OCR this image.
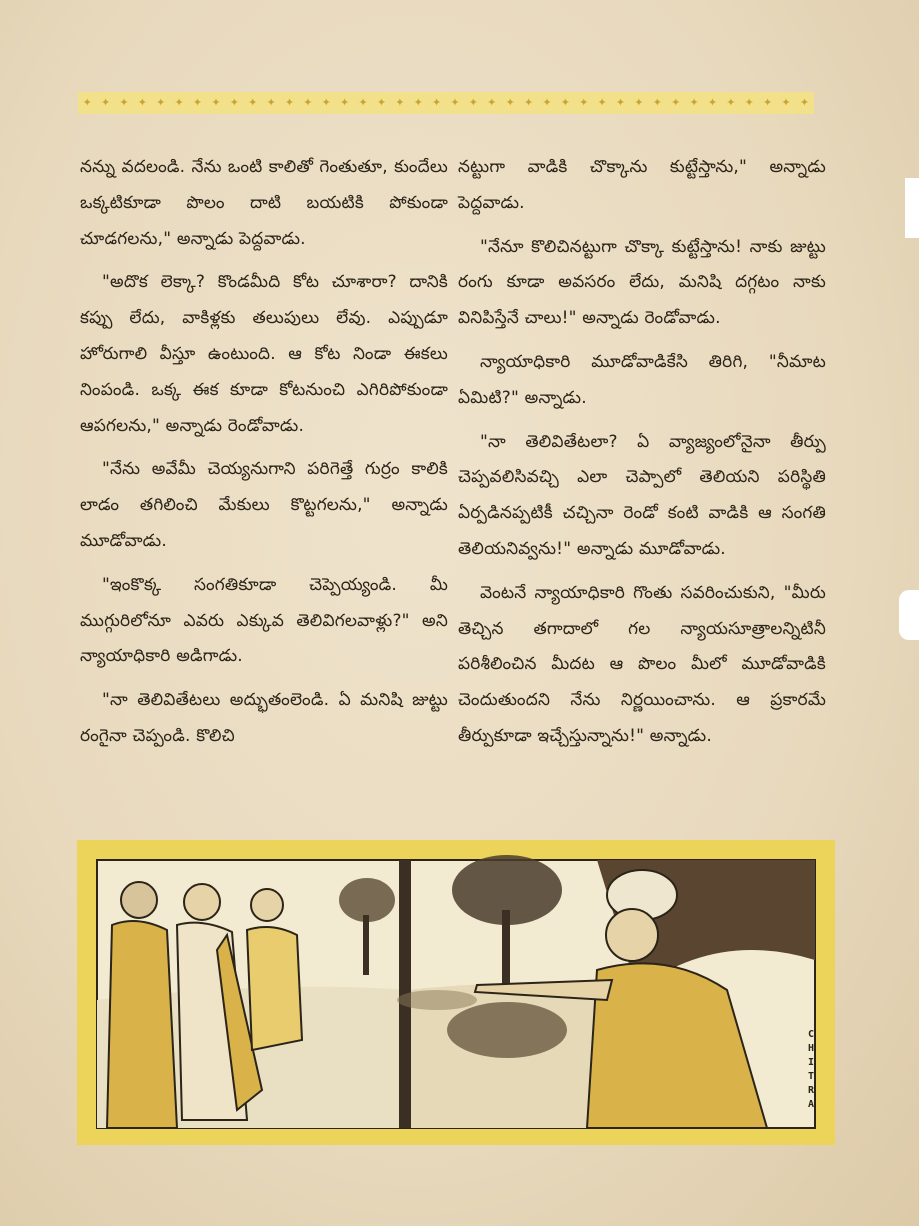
✦ ✦ ✦ ✦ ✦ ✦ ✦ ✦ ✦ ✦ ✦ ✦ ✦ ✦ ✦ ✦ ✦ ✦ ✦ ✦ ✦ ✦ ✦ ✦ ✦ ✦ ✦ ✦ ✦ ✦ ✦ ✦ ✦ ✦ ✦ ✦ ✦ ✦ ✦ ✦

నన్ను వదలండి. నేను ఒంటి కాలితో గెంతుతూ, కుందేలు ఒక్కటికూడా పొలం దాటి బయటికి పోకుండా చూడగలను," అన్నాడు పెద్దవాడు.

"అదొక లెక్కా? కొండమీది కోట చూశారా? దానికి కప్పు లేదు, వాకిళ్లకు తలుపులు లేవు. ఎప్పుడూ హోరుగాలి వీస్తూ ఉంటుంది. ఆ కోట నిండా ఈకలు నింపండి. ఒక్క ఈక కూడా కోటనుంచి ఎగిరిపోకుండా ఆపగలను," అన్నాడు రెండోవాడు.

"నేను అవేమీ చెయ్యనుగాని పరిగెత్తే గుర్రం కాలికి లాడం తగిలించి మేకులు కొట్టగలను," అన్నాడు మూడోవాడు.

"ఇంకొక్క సంగతికూడా చెప్పెయ్యండి. మీ ముగ్గురిలోనూ ఎవరు ఎక్కువ తెలివిగలవాళ్లు?" అని న్యాయాధికారి అడిగాడు.

"నా తెలివితేటలు అద్భుతంలెండి. ఏ మనిషి జుట్టు రంగైనా చెప్పండి. కొలిచి

నట్టుగా వాడికి చొక్కాను కుట్టేస్తాను," అన్నాడు పెద్దవాడు.

"నేనూ కొలిచినట్టుగా చొక్కా కుట్టేస్తాను! నాకు జుట్టు రంగు కూడా అవసరం లేదు, మనిషి దగ్గటం నాకు వినిపిస్తేనే చాలు!" అన్నాడు రెండోవాడు.

న్యాయాధికారి మూడోవాడికేసి తిరిగి, "నీమాట ఏమిటి?" అన్నాడు.

"నా తెలివితేటలా? ఏ వ్యాజ్యంలోనైనా తీర్పు చెప్పవలిసివచ్చి ఎలా చెప్పాలో తెలియని పరిస్థితి ఏర్పడినప్పటికీ చచ్చినా రెండో కంటి వాడికి ఆ సంగతి తెలియనివ్వను!" అన్నాడు మూడోవాడు.

వెంటనే న్యాయాధికారి గొంతు సవరించుకుని, "మీరు తెచ్చిన తగాదాలో గల న్యాయసూత్రాలన్నిటినీ పరిశీలించిన మీదట ఆ పొలం మీలో మూడోవాడికి చెందుతుందని నేను నిర్ణయించాను. ఆ ప్రకారమే తీర్పుకూడా ఇచ్చేస్తున్నాను!" అన్నాడు.

C
H
I
T
R
A
